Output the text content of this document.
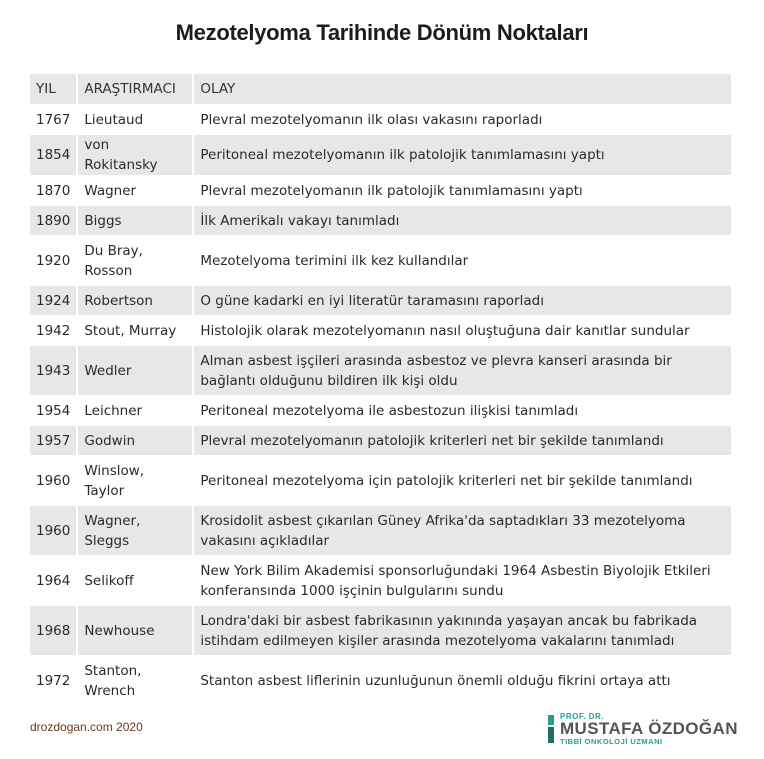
Mezotelyoma Tarihinde Dönüm Noktaları
YIL	ARAŞTIRMACI	OLAY
1767	Lieutaud	Plevral mezotelyomanın ilk olası vakasını raporladı
1854	von Rokitansky	Peritoneal mezotelyomanın ilk patolojik tanımlamasını yaptı
1870	Wagner	Plevral mezotelyomanın ilk patolojik tanımlamasını yaptı
1890	Biggs	İlk Amerikalı vakayı tanımladı
1920	Du Bray, Rosson	Mezotelyoma terimini ilk kez kullandılar
1924	Robertson	O güne kadarki en iyi literatür taramasını raporladı
1942	Stout, Murray	Histolojik olarak mezotelyomanın nasıl oluştuğuna dair kanıtlar sundular
1943	Wedler	Alman asbest işçileri arasında asbestoz ve plevra kanseri arasında bir bağlantı olduğunu bildiren ilk kişi oldu
1954	Leichner	Peritoneal mezotelyoma ile asbestozun ilişkisi tanımladı
1957	Godwin	Plevral mezotelyomanın patolojik kriterleri net bir şekilde tanımlandı
1960	Winslow, Taylor	Peritoneal mezotelyoma için patolojik kriterleri net bir şekilde tanımlandı
1960	Wagner, Sleggs	Krosidolit asbest çıkarılan Güney Afrika'da saptadıkları 33 mezotelyoma vakasını açıkladılar
1964	Selikoff	New York Bilim Akademisi sponsorluğundaki 1964 Asbestin Biyolojik Etkileri konferansında 1000 işçinin bulgularını sundu
1968	Newhouse	Londra'daki bir asbest fabrikasının yakınında yaşayan ancak bu fabrikada istihdam edilmeyen kişiler arasında mezotelyoma vakalarını tanımladı
1972	Stanton, Wrench	Stanton asbest liflerinin uzunluğunun önemli olduğu fikrini ortaya attı
drozdogan.com 2020
PROF. DR.
MUSTAFA ÖZDOĞAN
TIBBİ ONKOLOJİ UZMANI
